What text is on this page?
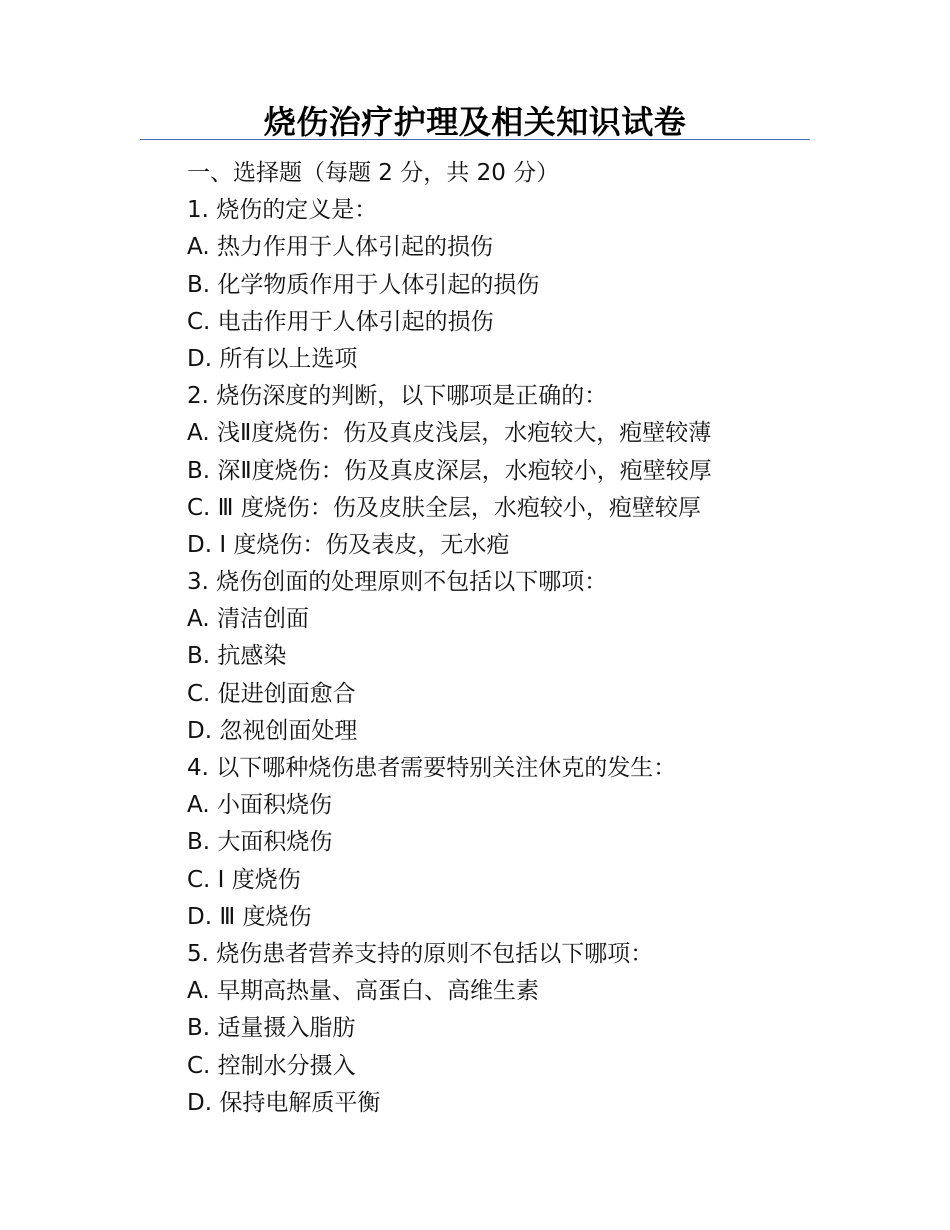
烧伤治疗护理及相关知识试卷
一、选择题（每题 2 分，共 20 分）
1. 烧伤的定义是：
A. 热力作用于人体引起的损伤
B. 化学物质作用于人体引起的损伤
C. 电击作用于人体引起的损伤
D. 所有以上选项
2. 烧伤深度的判断，以下哪项是正确的：
A. 浅Ⅱ度烧伤：伤及真皮浅层，水疱较大，疱壁较薄
B. 深Ⅱ度烧伤：伤及真皮深层，水疱较小，疱壁较厚
C. Ⅲ 度烧伤：伤及皮肤全层，水疱较小，疱壁较厚
D. Ⅰ 度烧伤：伤及表皮，无水疱
3. 烧伤创面的处理原则不包括以下哪项：
A. 清洁创面
B. 抗感染
C. 促进创面愈合
D. 忽视创面处理
4. 以下哪种烧伤患者需要特别关注休克的发生：
A. 小面积烧伤
B. 大面积烧伤
C. Ⅰ 度烧伤
D. Ⅲ 度烧伤
5. 烧伤患者营养支持的原则不包括以下哪项：
A. 早期高热量、高蛋白、高维生素
B. 适量摄入脂肪
C. 控制水分摄入
D. 保持电解质平衡
